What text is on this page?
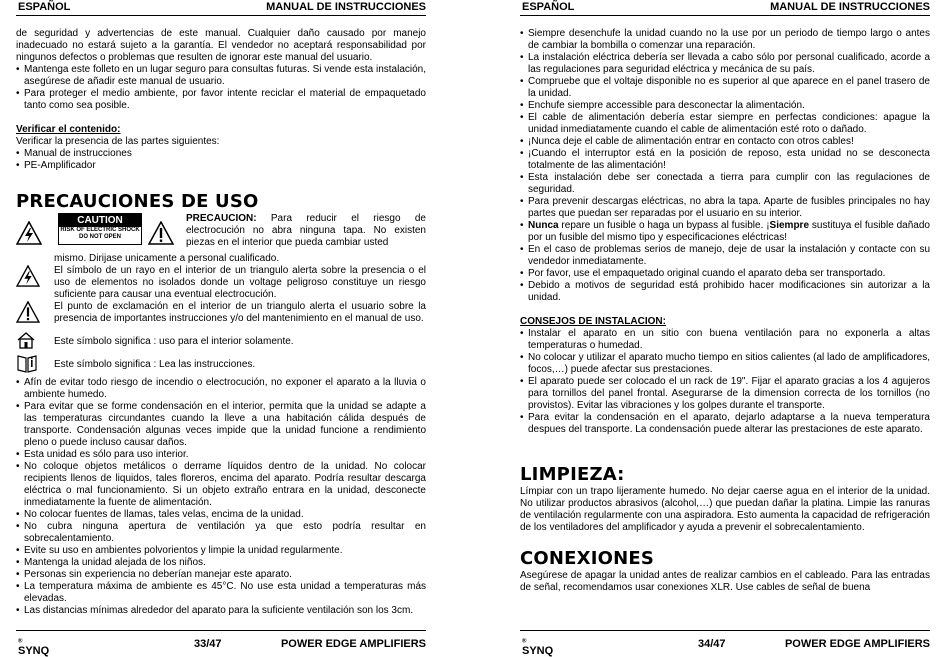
ESPAÑOL	MANUAL DE INSTRUCCIONES

de seguridad y advertencias de este manual. Cualquier daño causado por manejo inadecuado no estará sujeto a la garantía. El vendedor no aceptará responsabilidad por ningunos defectos o problemas que resulten de ignorar este manual del usuario.

• Mantenga este folleto en un lugar seguro para consultas futuras. Si vende esta instalación, asegúrese de añadir este manual de usuario.
• Para proteger el medio ambiente, por favor intente reciclar el material de empaquetado tanto como sea posible.

Verificar el contenido:

Verificar la presencia de las partes siguientes:

• Manual de instrucciones
• PE-Amplificador
PRECAUCIONES DE USO
CAUTION
RISK OF ELECTRIC SHOCK DO NOT OPEN

PRECAUCION: Para reducir el riesgo de electrocución no abra ninguna tapa. No existen piezas en el interior que pueda cambiar usted

mismo. Dirijase unicamente a personal cualificado.

El símbolo de un rayo en el interior de un triangulo alerta sobre la presencia o el uso de elementos no isolados donde un voltage peligroso constituye un riesgo suficiente para causar una eventual electrocución.

El punto de exclamación en el interior de un triangulo alerta el usuario sobre la presencia de importantes instrucciones y/o del mantenimiento en el manual de uso.

Este símbolo significa : uso para el interior solamente.

Este símbolo significa : Lea las instrucciones.

• Afín de evitar todo riesgo de incendio o electrocución, no exponer el aparato a la lluvia o ambiente humedo.
• Para evitar que se forme condensación en el interior, permita que la unidad se adapte a las temperaturas circundantes cuando la lleve a una habitación cálida después de transporte. Condensación algunas veces impide que la unidad funcione a rendimiento pleno o puede incluso causar daños.
• Esta unidad es sólo para uso interior.
• No coloque objetos metálicos o derrame líquidos dentro de la unidad. No colocar recipients llenos de liquidos, tales floreros, encima del aparato. Podría resultar descarga eléctrica o mal funcionamiento. Si un objeto extraño entrara en la unidad, desconecte inmediatamente la fuente de alimentación.
• No colocar fuentes de llamas, tales velas, encima de la unidad.
• No cubra ninguna apertura de ventilación ya que esto podría resultar en sobrecalentamiento.
• Evite su uso en ambientes polvorientos y limpie la unidad regularmente.
• Mantenga la unidad alejada de los niños.
• Personas sin experiencia no deberían manejar este aparato.
• La temperatura máxima de ambiente es 45°C. No use esta unidad a temperaturas más elevadas.
• Las distancias mínimas alrededor del aparato para la suficiente ventilación son los 3cm.
SYNQ
®	33/47	POWER EDGE AMPLIFIERS
ESPAÑOL	MANUAL DE INSTRUCCIONES
• Siempre desenchufe la unidad cuando no la use por un periodo de tiempo largo o antes de cambiar la bombilla o comenzar una reparación.
• La instalación eléctrica debería ser llevada a cabo sólo por personal cualificado, acorde a las regulaciones para seguridad eléctrica y mecánica de su país.
• Compruebe que el voltaje disponible no es superior al que aparece en el panel trasero de la unidad.
• Enchufe siempre accessible para desconectar la alimentación.
• El cable de alimentación debería estar siempre en perfectas condiciones: apague la unidad inmediatamente cuando el cable de alimentación esté roto o dañado.
• ¡Nunca deje el cable de alimentación entrar en contacto con otros cables!
• ¡Cuando el interruptor está en la posición de reposo, esta unidad no se desconecta totalmente de las alimentación!
• Esta instalación debe ser conectada a tierra para cumplir con las regulaciones de seguridad.
• Para prevenir descargas eléctricas, no abra la tapa. Aparte de fusibles principales no hay partes que puedan ser reparadas por el usuario en su interior.
• Nunca repare un fusible o haga un bypass al fusible. ¡Siempre sustituya el fusible dañado por un fusible del mismo tipo y especificaciones eléctricas!
• En el caso de problemas serios de manejo, deje de usar la instalación y contacte con su vendedor inmediatamente.
• Por favor, use el empaquetado original cuando el aparato deba ser transportado.
• Debido a motivos de seguridad está prohibido hacer modificaciones sin autorizar a la unidad.

CONSEJOS DE INSTALACION:

• Instalar el aparato en un sitio con buena ventilación para no exponerla a altas temperaturas o humedad.
• No colocar y utilizar el aparato mucho tiempo en sitios calientes (al lado de amplificadores, focos,…) puede afectar sus prestaciones.
• El aparato puede ser colocado el un rack de 19". Fijar el aparato gracias a los 4 agujeros para tornillos del panel frontal. Asegurarse de la dimension correcta de los tornillos (no provistos). Evitar las vibraciones y los golpes durante el transporte.
• Para evitar la condensación en el aparato, dejarlo adaptarse a la nueva temperatura despues del transporte. La condensación puede alterar las prestaciones de este aparato.
LIMPIEZA:

Límpiar con un trapo lijeramente humedo. No dejar caerse agua en el interior de la unidad. No utilizar productos abrasivos (alcohol,…) que puedan dañar la platina. Limpie las ranuras de ventilación regularmente con una aspiradora. Esto aumenta la capacidad de refrigeración de los ventiladores del amplificador y ayuda a prevenir el sobrecalentamiento.

CONEXIONES

Asegúrese de apagar la unidad antes de realizar cambios en el cableado. Para las entradas de señal, recomendamos usar conexiones XLR. Use cables de señal de buena

SYNQ
®	34/47	POWER EDGE AMPLIFIERS
